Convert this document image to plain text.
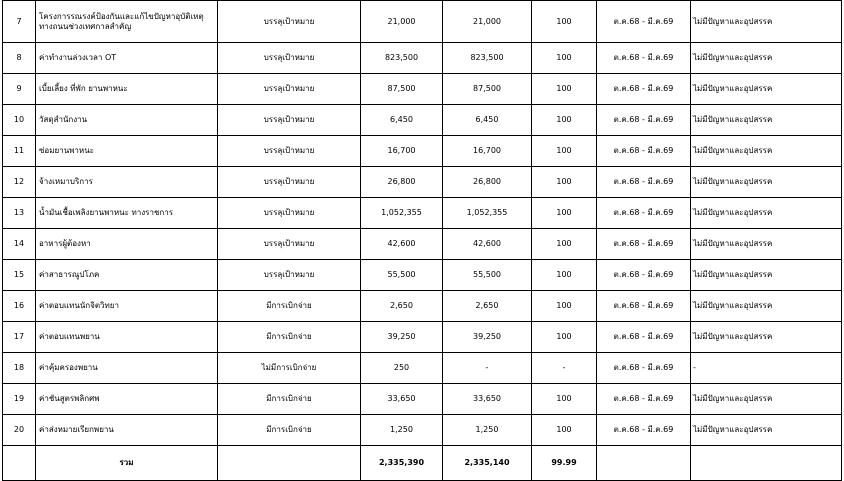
7	โครงการรณรงค์ป้องกันและแก้ไขปัญหาอุบัติเหตุทางถนนช่วงเทศกาลสำคัญ	บรรลุเป้าหมาย	21,000	21,000	100	ต.ค.68 - มี.ค.69	ไม่มีปัญหาและอุปสรรค
8	ค่าทำงานล่วงเวลา OT	บรรลุเป้าหมาย	823,500	823,500	100	ต.ค.68 - มี.ค.69	ไม่มีปัญหาและอุปสรรค
9	เบี้ยเลี้ยง ที่พัก ยานพาหนะ	บรรลุเป้าหมาย	87,500	87,500	100	ต.ค.68 - มี.ค.69	ไม่มีปัญหาและอุปสรรค
10	วัสดุสำนักงาน	บรรลุเป้าหมาย	6,450	6,450	100	ต.ค.68 - มี.ค.69	ไม่มีปัญหาและอุปสรรค
11	ซ่อมยานพาหนะ	บรรลุเป้าหมาย	16,700	16,700	100	ต.ค.68 - มี.ค.69	ไม่มีปัญหาและอุปสรรค
12	จ้างเหมาบริการ	บรรลุเป้าหมาย	26,800	26,800	100	ต.ค.68 - มี.ค.69	ไม่มีปัญหาและอุปสรรค
13	น้ำมันเชื้อเพลิงยานพาหนะ ทางราชการ	บรรลุเป้าหมาย	1,052,355	1,052,355	100	ต.ค.68 - มี.ค.69	ไม่มีปัญหาและอุปสรรค
14	อาหารผู้ต้องหา	บรรลุเป้าหมาย	42,600	42,600	100	ต.ค.68 - มี.ค.69	ไม่มีปัญหาและอุปสรรค
15	ค่าสาธารณูปโภค	บรรลุเป้าหมาย	55,500	55,500	100	ต.ค.68 - มี.ค.69	ไม่มีปัญหาและอุปสรรค
16	ค่าตอบแทนนักจิตวิทยา	มีการเบิกจ่าย	2,650	2,650	100	ต.ค.68 - มี.ค.69	ไม่มีปัญหาและอุปสรรค
17	ค่าตอบแทนพยาน	มีการเบิกจ่าย	39,250	39,250	100	ต.ค.68 - มี.ค.69	ไม่มีปัญหาและอุปสรรค
18	ค่าคุ้มครองพยาน	ไม่มีการเบิกจ่าย	250	-	-	ต.ค.68 - มี.ค.69	-
19	ค่าชันสูตรพลิกศพ	มีการเบิกจ่าย	33,650	33,650	100	ต.ค.68 - มี.ค.69	ไม่มีปัญหาและอุปสรรค
20	ค่าส่งหมายเรียกพยาน	มีการเบิกจ่าย	1,250	1,250	100	ต.ค.68 - มี.ค.69	ไม่มีปัญหาและอุปสรรค
	รวม		2,335,390	2,335,140	99.99		
